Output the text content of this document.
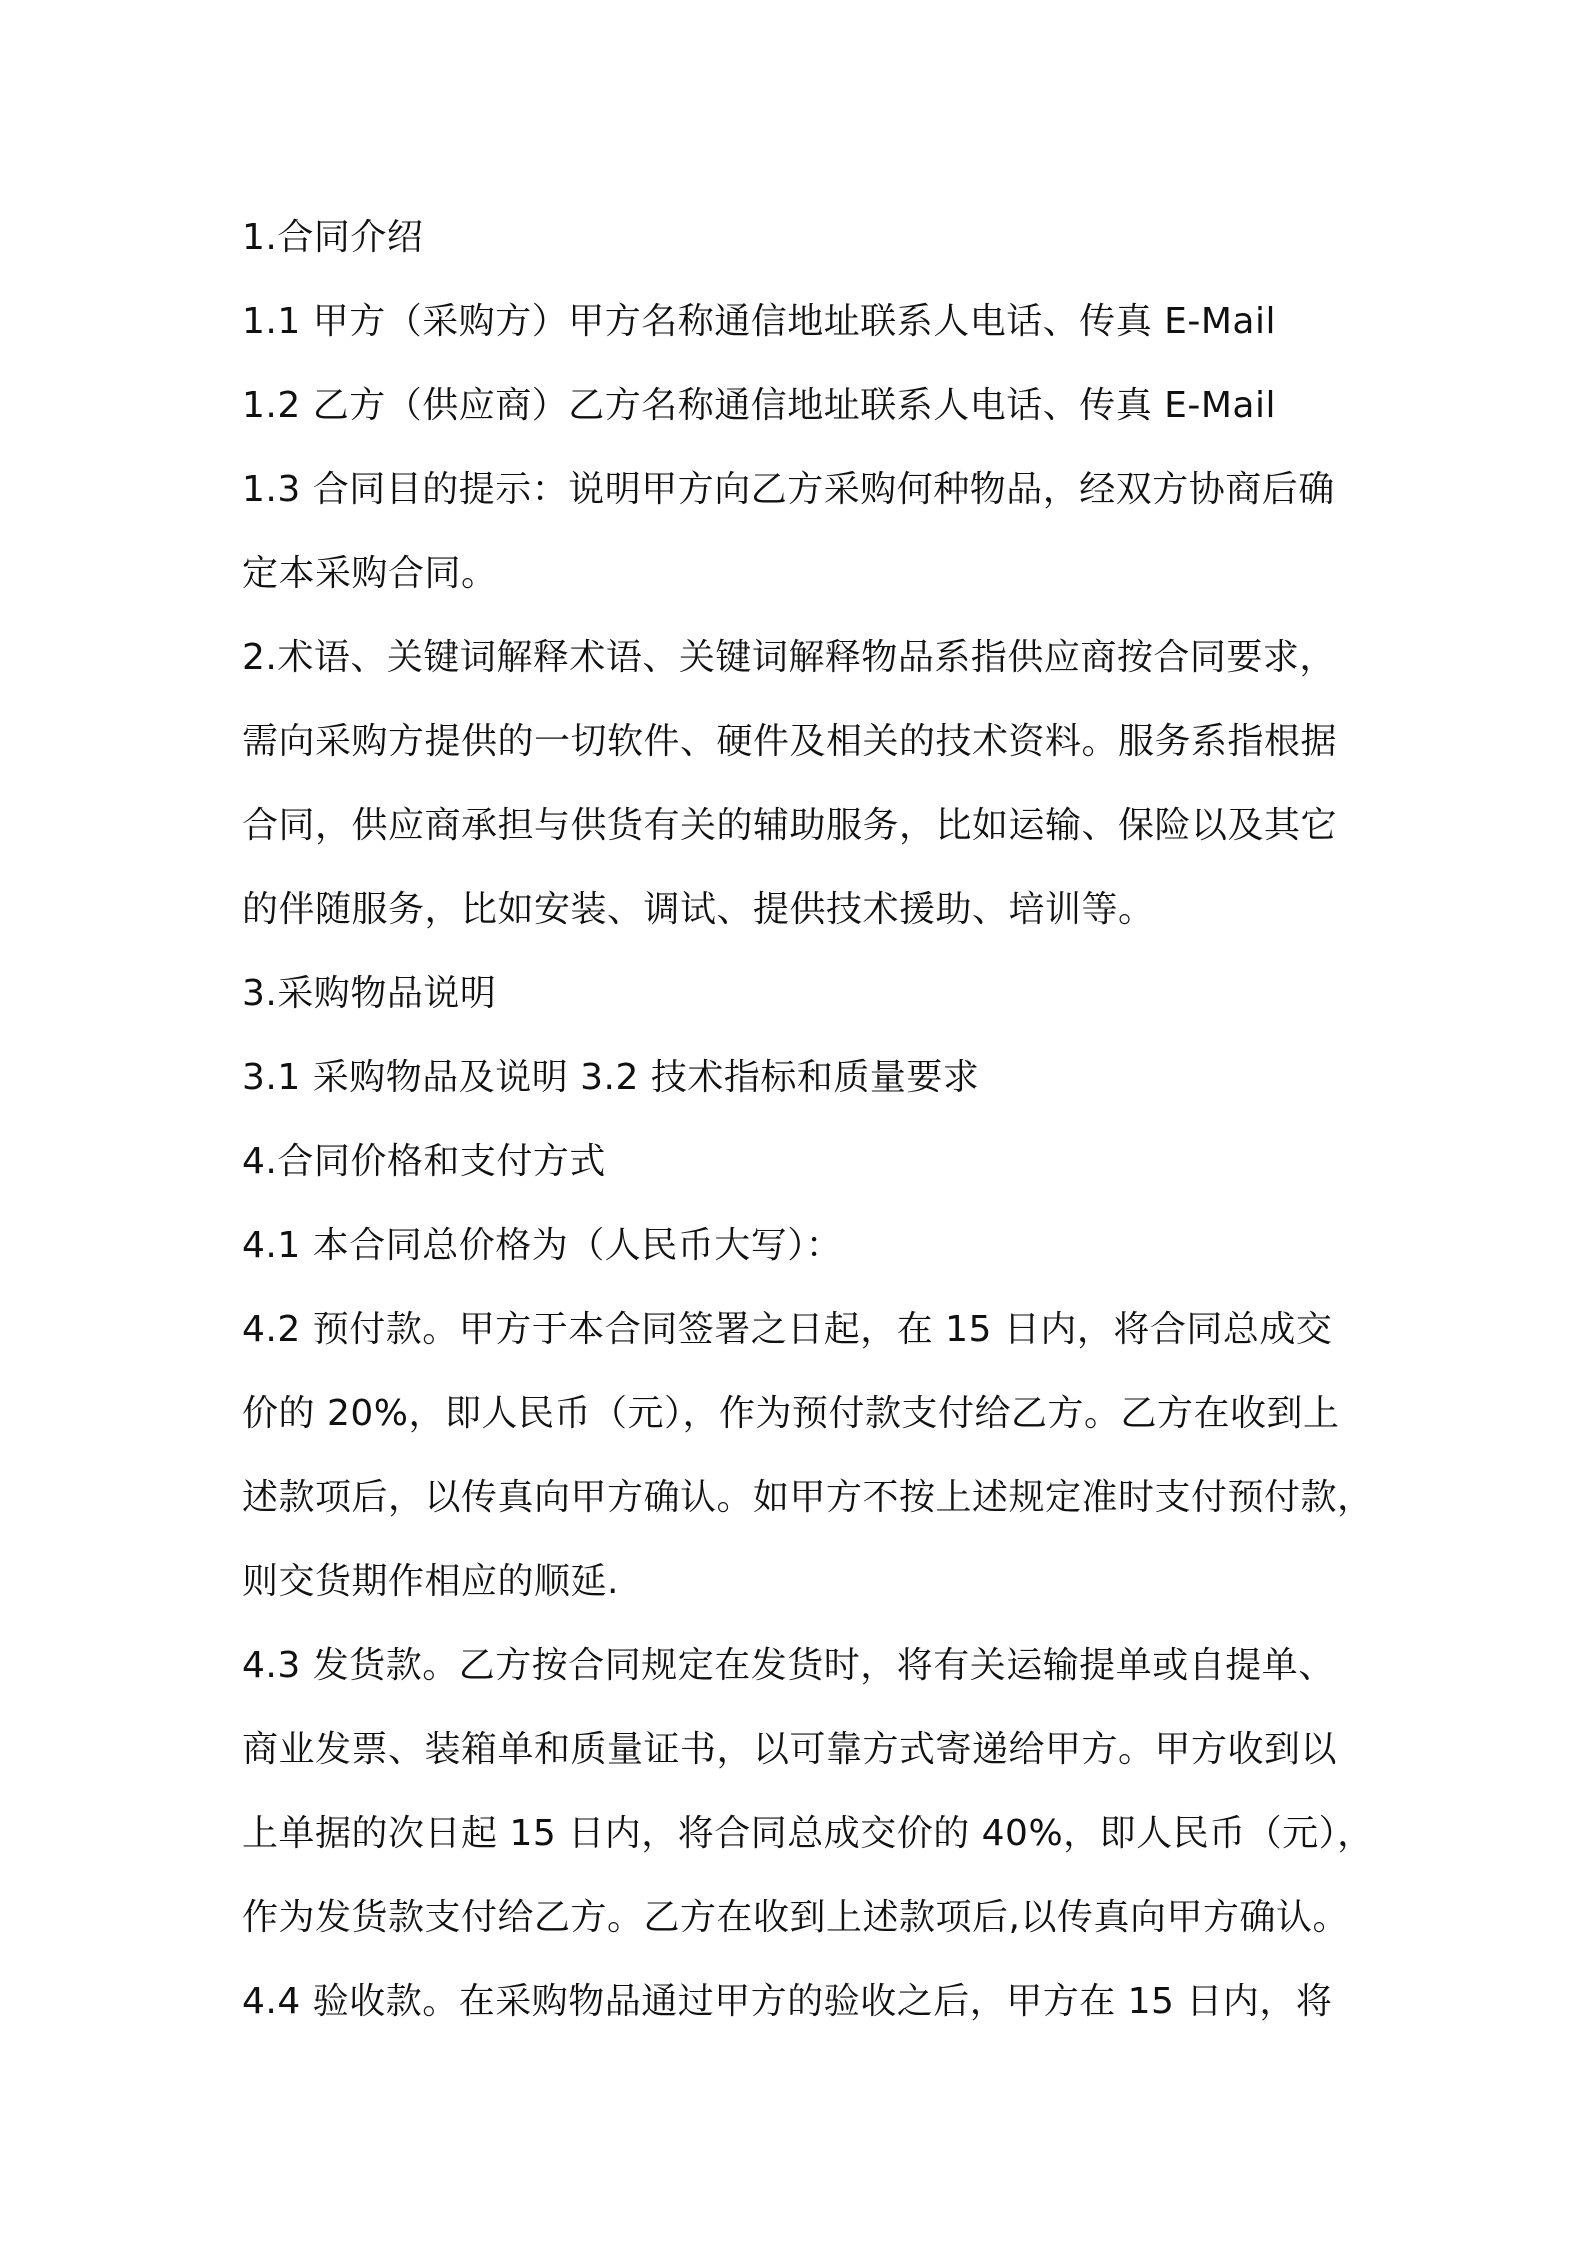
1.合同介绍

1.1 甲方（采购方）甲方名称通信地址联系人电话、传真 E-Mail

1.2 乙方（供应商）乙方名称通信地址联系人电话、传真 E-Mail

1.3 合同目的提示：说明甲方向乙方采购何种物品，经双方协商后确

定本采购合同。

2.术语、关键词解释术语、关键词解释物品系指供应商按合同要求，

需向采购方提供的一切软件、硬件及相关的技术资料。服务系指根据

合同，供应商承担与供货有关的辅助服务，比如运输、保险以及其它

的伴随服务，比如安装、调试、提供技术援助、培训等。

3.采购物品说明

3.1 采购物品及说明 3.2 技术指标和质量要求

4.合同价格和支付方式

4.1 本合同总价格为（人民币大写）：

4.2 预付款。甲方于本合同签署之日起，在 15 日内，将合同总成交

价的 20%，即人民币（元），作为预付款支付给乙方。乙方在收到上

述款项后，以传真向甲方确认。如甲方不按上述规定准时支付预付款，

则交货期作相应的顺延.

4.3 发货款。乙方按合同规定在发货时，将有关运输提单或自提单、

商业发票、装箱单和质量证书，以可靠方式寄递给甲方。甲方收到以

上单据的次日起 15 日内，将合同总成交价的 40%，即人民币（元），

作为发货款支付给乙方。乙方在收到上述款项后,以传真向甲方确认。

4.4 验收款。在采购物品通过甲方的验收之后，甲方在 15 日内，将
